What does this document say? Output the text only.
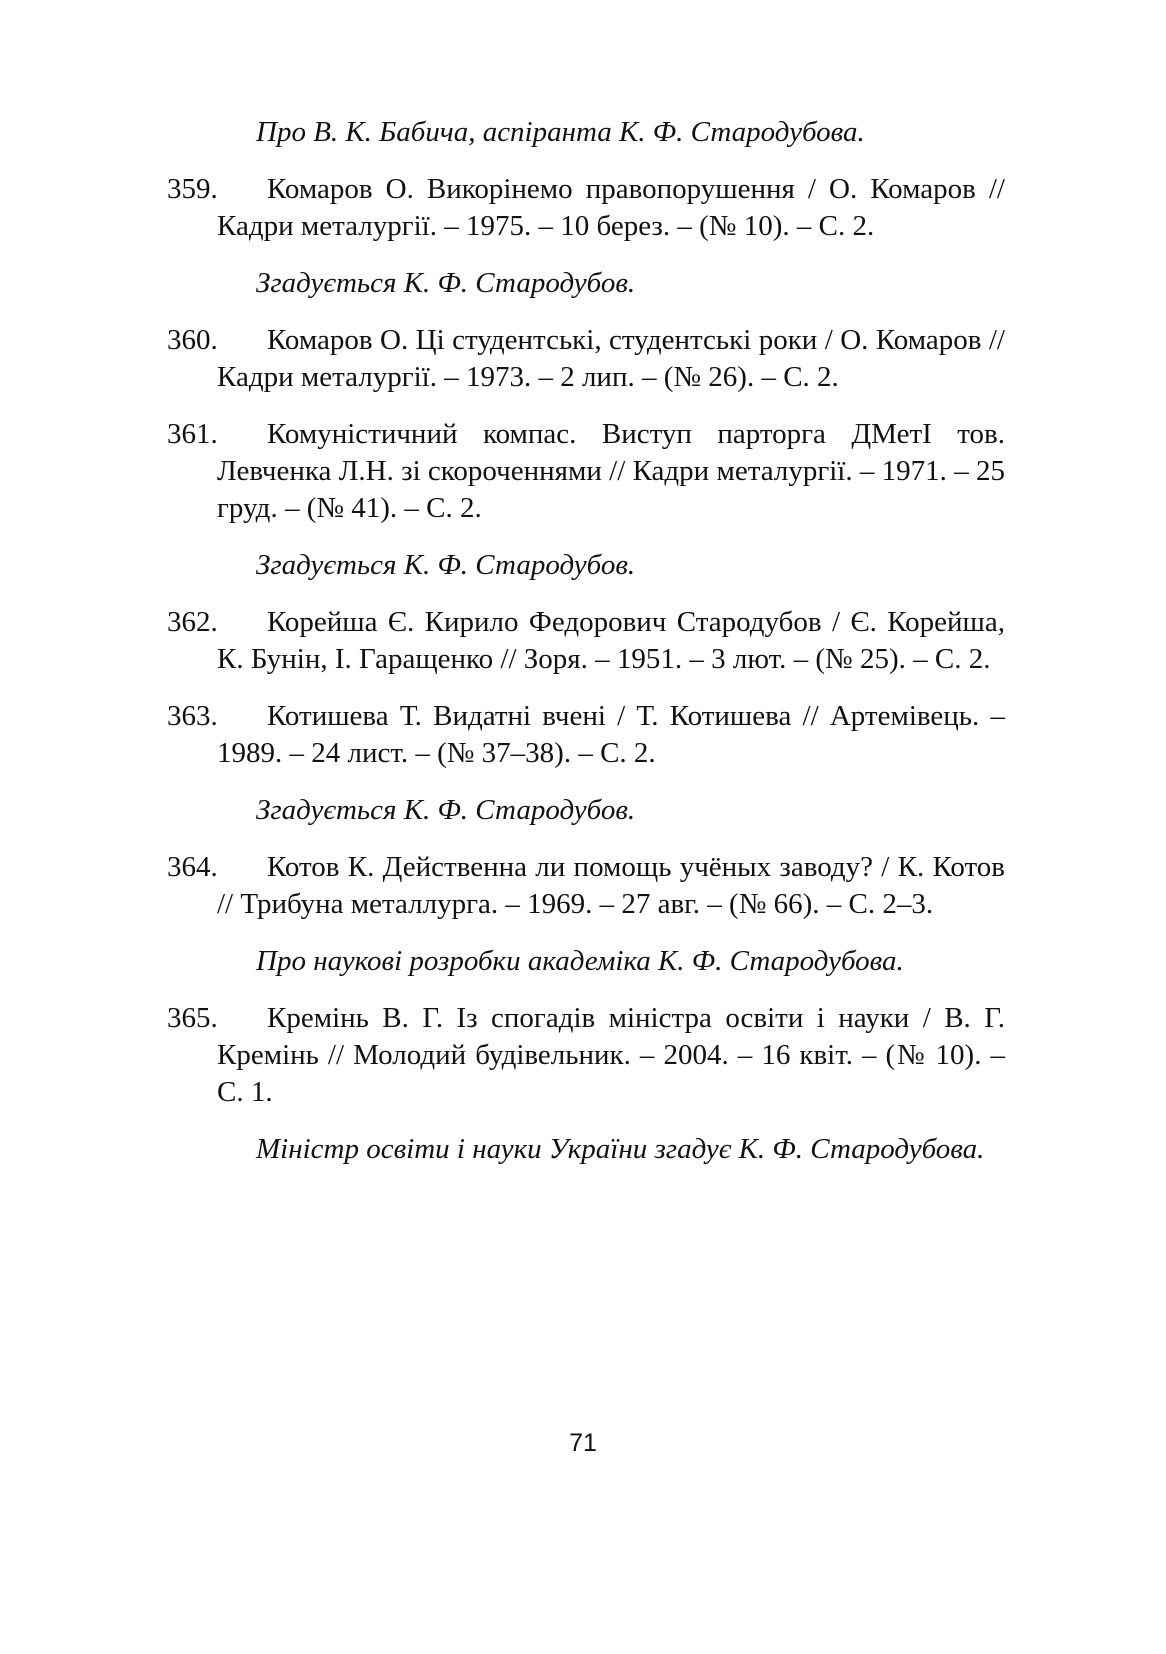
Про В. К. Бабича, аспіранта К. Ф. Стародубова.
359.	Комаров О. Викорінемо правопорушення / О. Комаров // Кадри металургії. – 1975. – 10 берез. – (№ 10). – С. 2.
Згадується К. Ф. Стародубов.
360.	Комаров О. Ці студентські, студентські роки / О. Комаров // Кадри металургії. – 1973. – 2 лип. – (№ 26). – С. 2.
361.	Комуністичний компас. Виступ парторга ДМетІ тов. Левченка Л.Н. зі скороченнями // Кадри металургії. – 1971. – 25 груд. – (№ 41). – С. 2.
Згадується К. Ф. Стародубов.
362.	Корейша Є. Кирило Федорович Стародубов / Є. Корейша, К. Бунін, І. Гаращенко // Зоря. – 1951. – 3 лют. – (№ 25). – С. 2.
363.	Котишева Т. Видатні вчені / Т. Котишева // Артемівець. – 1989. – 24 лист. – (№ 37–38). – С. 2.
Згадується К. Ф. Стародубов.
364.	Котов К. Действенна ли помощь учёных заводу? / К. Котов // Трибуна металлурга. – 1969. – 27 авг. – (№ 66). – С. 2–3.
Про наукові розробки академіка К. Ф. Стародубова.
365.	Кремінь В. Г. Із спогадів міністра освіти і науки / В. Г. Кремінь // Молодий будівельник. – 2004. – 16 квіт. – (№ 10). – С. 1.
Міністр освіти і науки України згадує К. Ф. Стародубова.
71
